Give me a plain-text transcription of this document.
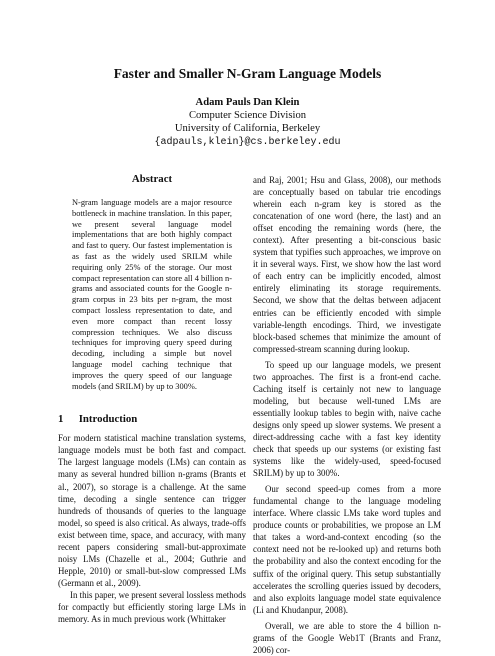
Faster and Smaller N-Gram Language Models
Adam Pauls Dan Klein
Computer Science Division
University of California, Berkeley
{adpauls,klein}@cs.berkeley.edu
Abstract

N-gram language models are a major resource bottleneck in machine translation. In this paper, we present several language model implementations that are both highly compact and fast to query. Our fastest implementation is as fast as the widely used SRILM while requiring only 25% of the storage. Our most compact representation can store all 4 billion n-grams and associated counts for the Google n-gram corpus in 23 bits per n-gram, the most compact lossless representation to date, and even more compact than recent lossy compression techniques. We also discuss techniques for improving query speed during decoding, including a simple but novel language model caching technique that improves the query speed of our language models (and SRILM) by up to 300%.

1 Introduction

For modern statistical machine translation systems, language models must be both fast and compact. The largest language models (LMs) can contain as many as several hundred billion n-grams (Brants et al., 2007), so storage is a challenge. At the same time, decoding a single sentence can trigger hundreds of thousands of queries to the language model, so speed is also critical. As always, trade-offs exist between time, space, and accuracy, with many recent papers considering small-but-approximate noisy LMs (Chazelle et al., 2004; Guthrie and Hepple, 2010) or small-but-slow compressed LMs (Germann et al., 2009).

In this paper, we present several lossless methods for compactly but efficiently storing large LMs in memory. As in much previous work (Whittaker

and Raj, 2001; Hsu and Glass, 2008), our methods are conceptually based on tabular trie encodings wherein each n-gram key is stored as the concatenation of one word (here, the last) and an offset encoding the remaining words (here, the context). After presenting a bit-conscious basic system that typifies such approaches, we improve on it in several ways. First, we show how the last word of each entry can be implicitly encoded, almost entirely eliminating its storage requirements. Second, we show that the deltas between adjacent entries can be efficiently encoded with simple variable-length encodings. Third, we investigate block-based schemes that minimize the amount of compressed-stream scanning during lookup.

To speed up our language models, we present two approaches. The first is a front-end cache. Caching itself is certainly not new to language modeling, but because well-tuned LMs are essentially lookup tables to begin with, naive cache designs only speed up slower systems. We present a direct-addressing cache with a fast key identity check that speeds up our systems (or existing fast systems like the widely-used, speed-focused SRILM) by up to 300%.

Our second speed-up comes from a more fundamental change to the language modeling interface. Where classic LMs take word tuples and produce counts or probabilities, we propose an LM that takes a word-and-context encoding (so the context need not be re-looked up) and returns both the probability and also the context encoding for the suffix of the original query. This setup substantially accelerates the scrolling queries issued by decoders, and also exploits language model state equivalence (Li and Khudanpur, 2008).

Overall, we are able to store the 4 billion n-grams of the Google Web1T (Brants and Franz, 2006) cor-
